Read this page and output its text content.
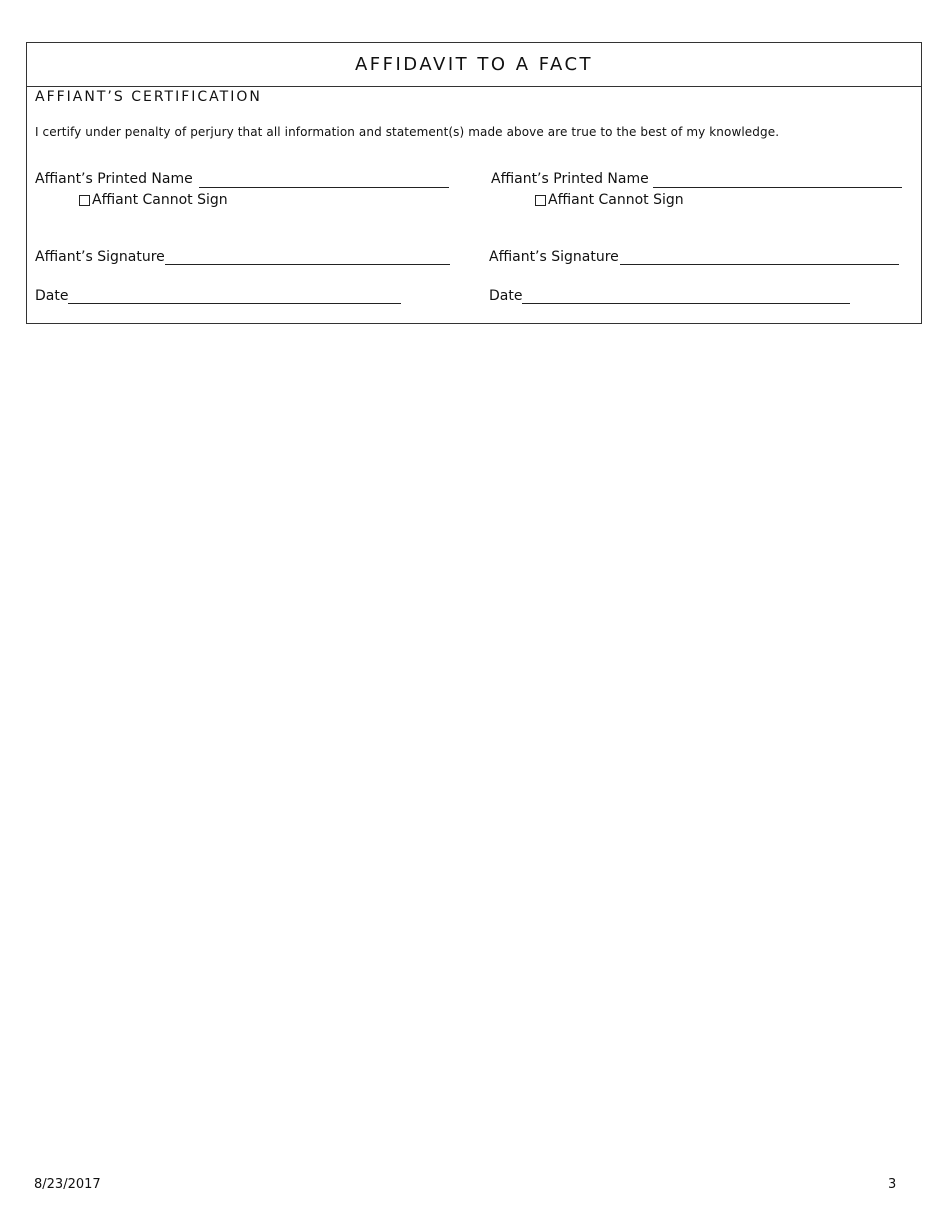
AFFIDAVIT TO A FACT
AFFIANT’S CERTIFICATION
I certify under penalty of perjury that all information and statement(s) made above are true to the best of my knowledge.
Affiant’s Printed Name
Affiant Cannot Sign
Affiant’s Signature
Date
Affiant’s Printed Name
Affiant Cannot Sign
Affiant’s Signature
Date
8/23/2017	3
